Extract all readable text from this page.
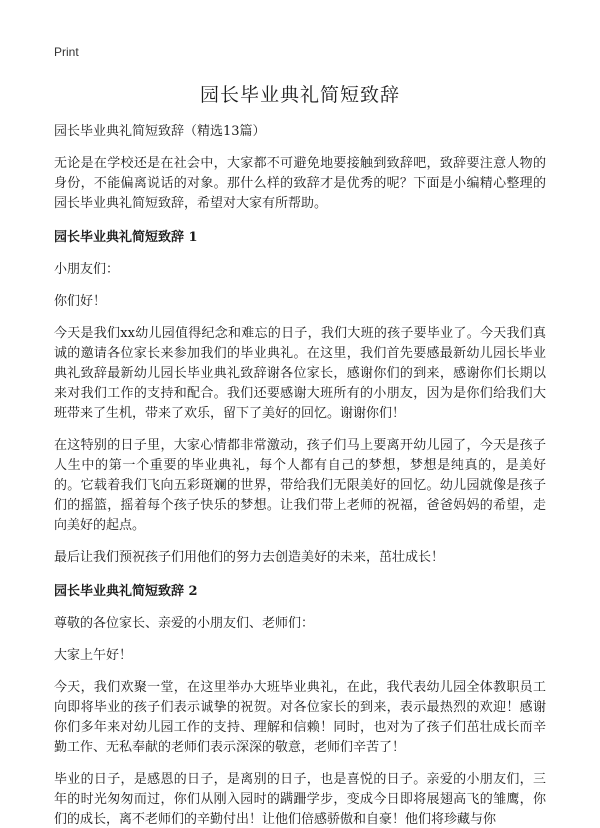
Print
园长毕业典礼简短致辞
园长毕业典礼简短致辞（精选13篇）

无论是在学校还是在社会中，大家都不可避免地要接触到致辞吧，致辞要注意人物的身份，不能偏离说话的对象。那什么样的致辞才是优秀的呢？下面是小编精心整理的园长毕业典礼简短致辞，希望对大家有所帮助。

园长毕业典礼简短致辞 1

小朋友们：

你们好！

今天是我们xx幼儿园值得纪念和难忘的日子，我们大班的孩子要毕业了。今天我们真诚的邀请各位家长来参加我们的毕业典礼。在这里，我们首先要感最新幼儿园长毕业典礼致辞最新幼儿园长毕业典礼致辞谢各位家长，感谢你们的到来，感谢你们长期以来对我们工作的支持和配合。我们还要感谢大班所有的小朋友，因为是你们给我们大班带来了生机，带来了欢乐，留下了美好的回忆。谢谢你们！

在这特别的日子里，大家心情都非常激动，孩子们马上要离开幼儿园了，今天是孩子人生中的第一个重要的毕业典礼，每个人都有自己的梦想，梦想是纯真的，是美好的。它载着我们飞向五彩斑斓的世界，带给我们无限美好的回忆。幼儿园就像是孩子们的摇篮，摇着每个孩子快乐的梦想。让我们带上老师的祝福，爸爸妈妈的希望，走向美好的起点。

最后让我们预祝孩子们用他们的努力去创造美好的未来，茁壮成长！

园长毕业典礼简短致辞 2

尊敬的各位家长、亲爱的小朋友们、老师们：

大家上午好！

今天，我们欢聚一堂，在这里举办大班毕业典礼，在此，我代表幼儿园全体教职员工向即将毕业的孩子们表示诚挚的祝贺。对各位家长的到来，表示最热烈的欢迎！感谢你们多年来对幼儿园工作的支持、理解和信赖！同时，也对为了孩子们茁壮成长而辛勤工作、无私奉献的老师们表示深深的敬意，老师们辛苦了！

毕业的日子，是感恩的日子，是离别的日子，也是喜悦的日子。亲爱的小朋友们，三年的时光匆匆而过，你们从刚入园时的蹒跚学步，变成今日即将展翅高飞的雏鹰，你们的成长，离不老师们的辛勤付出！让他们倍感骄傲和自豪！他们将珍藏与你
